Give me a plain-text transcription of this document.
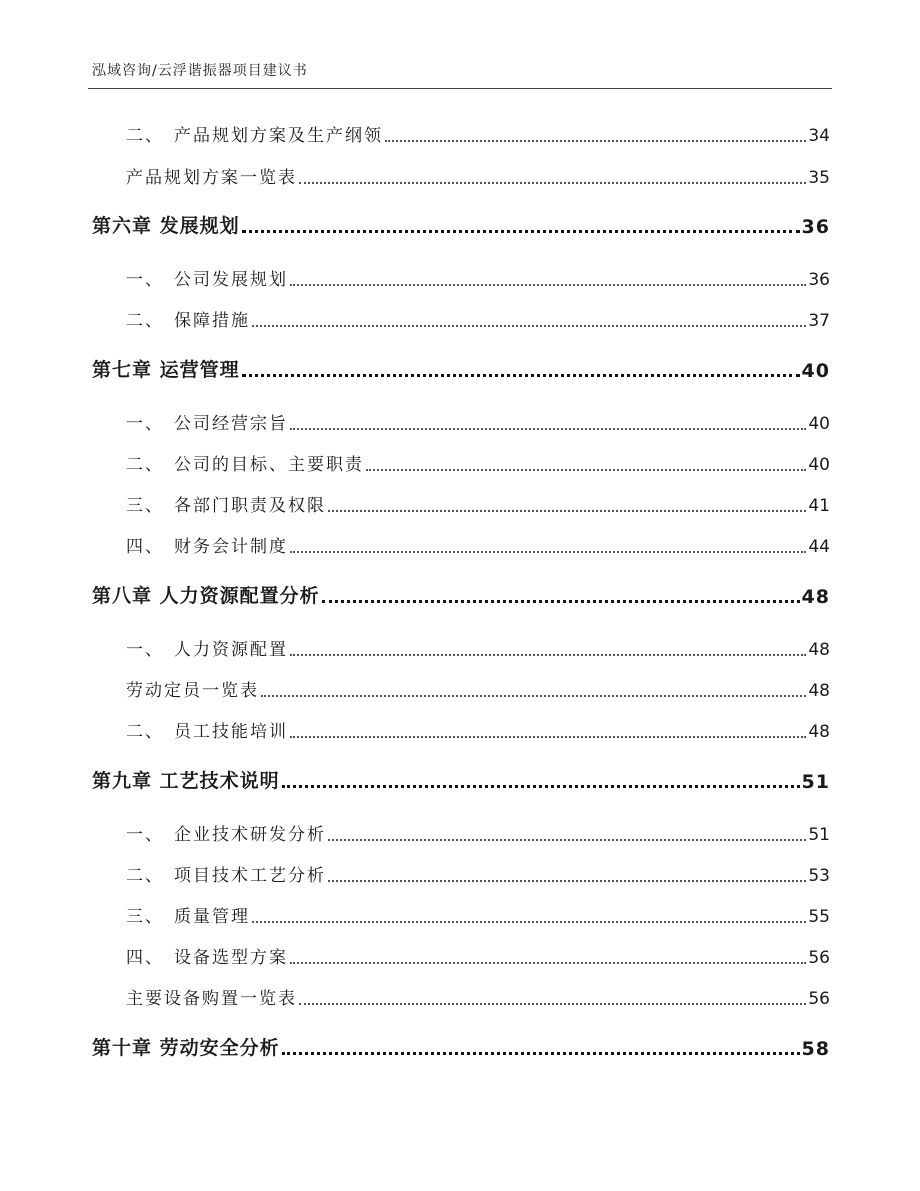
泓域咨询/云浮谐振器项目建议书
二、 产品规划方案及生产纲领	34
产品规划方案一览表	35
第六章 发展规划	36
一、 公司发展规划	36
二、 保障措施	37
第七章 运营管理	40
一、 公司经营宗旨	40
二、 公司的目标、主要职责	40
三、 各部门职责及权限	41
四、 财务会计制度	44
第八章 人力资源配置分析	48
一、 人力资源配置	48
劳动定员一览表	48
二、 员工技能培训	48
第九章 工艺技术说明	51
一、 企业技术研发分析	51
二、 项目技术工艺分析	53
三、 质量管理	55
四、 设备选型方案	56
主要设备购置一览表	56
第十章 劳动安全分析	58
